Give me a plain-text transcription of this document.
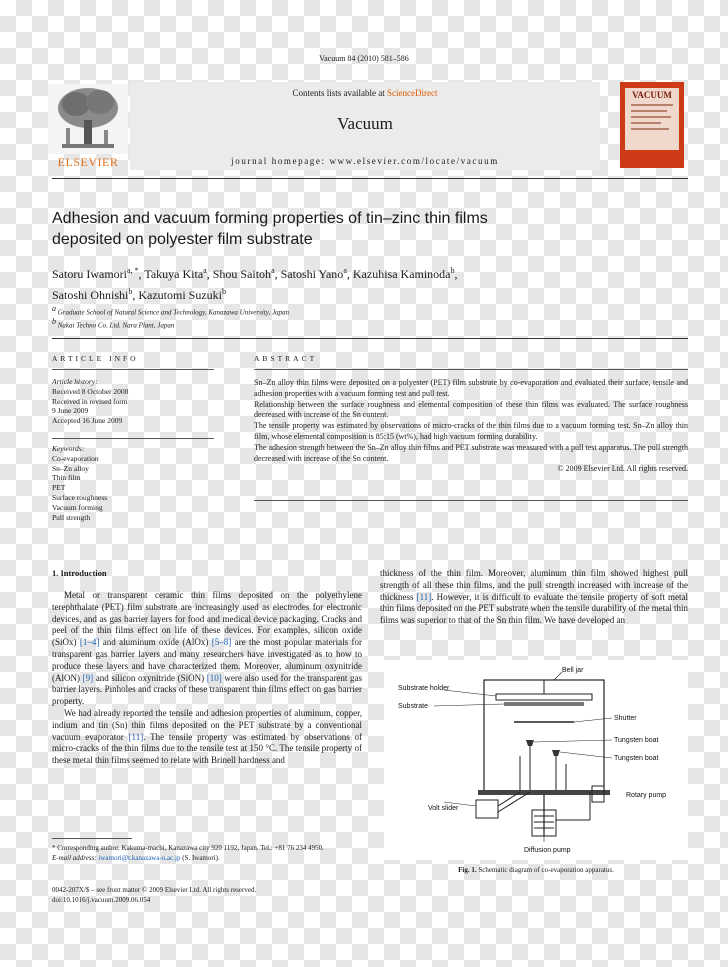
Vacuum 84 (2010) 581–586
Contents lists available at ScienceDirect
Vacuum
journal homepage: www.elsevier.com/locate/vacuum
ELSEVIER
VACUUM
Adhesion and vacuum forming properties of tin–zinc thin films
deposited on polyester film substrate
Satoru Iwamori$^{a, *}$, Takuya Kita$^a$, Shou Saitoh$^a$, Satoshi Yano$^a$, Kazuhisa Kaminoda$^b$,
Satoshi Ohnishi$^b$, Kazutomi Suzuki$^b$
$^a$ Graduate School of Natural Science and Technology, Kanazawa University, Japan
$^b$ Nakai Techno Co. Ltd. Nara Plant, Japan
ARTICLE INFO
Article history:
Received 8 October 2008
Received in revised form
9 June 2009
Accepted 16 June 2009
Keywords:
Co-evaporation
Sn–Zn alloy
Thin film
PET
Surface roughness
Vacuum forming
Pull strength
ABSTRACT

Sn–Zn alloy thin films were deposited on a polyester (PET) film substrate by co-evaporation and evaluated their surface, tensile and adhesion properties with a vacuum forming test and pull test.

Relationship between the surface roughness and elemental composition of these thin films was evaluated. The surface roughness decreased with increase of the Sn content.

The tensile property was estimated by observations of micro-cracks of the thin films due to a vacuum forming test. Sn–Zn alloy thin film, whose elemental composition is 85:15 (wt%), had high vacuum forming durability.

The adhesion strength between the Sn–Zn alloy thin films and PET substrate was measured with a pull test apparatus. The pull strength decreased with increase of the Sn content.

© 2009 Elsevier Ltd. All rights reserved.
1. Introduction

Metal or transparent ceramic thin films deposited on the polyethylene terephthalate (PET) film substrate are increasingly used as electrodes for electronic devices, and as gas barrier layers for food and medical device packaging. Cracks and peel of the thin films effect on life of these devices. For examples, silicon oxide (SiOx) [1–4] and aluminum oxide (AlOx) [5–8] are the most popular materials for transparent gas barrier layers and many researchers have investigated as to how to produce these layers and have characterized them. Moreover, aluminum oxynitride (AlON) [9] and silicon oxynitride (SiON) [10] were also used for the transparent gas barrier layers. Pinholes and cracks of these transparent thin films effect on gas barrier property.

We had already reported the tensile and adhesion properties of aluminum, copper, indium and tin (Sn) thin films deposited on the PET substrate by a conventional vacuum evaporator [11]. The tensile property was estimated by observations of micro-cracks of the thin films due to the tensile test at 150 °C. The tensile property of these metal thin films seemed to relate with Brinell hardness and

thickness of the thin film. Moreover, aluminum thin film showed highest pull strength of all these thin films, and the pull strength increased with increase of the thickness [11]. However, it is difficult to evaluate the tensile property of soft metal thin films deposited on the PET substrate when the tensile durability of the metal thin films was superior to that of the Sn thin film. We have developed an

Bell jar
Substrate holder
Substrate
Shutter
Tungsten boat
Tungsten boat
Rotary pump
Volt slider
Diffusion pump
Fig. 1. Schematic diagram of co-evaporation apparatus.
* Corresponding author. Kakuma-machi, Kanazawa city 920 1192, Japan. Tel.: +81 76 234 4950.
E-mail address: iwamori@t.kanazawa-u.ac.jp (S. Iwamori).
0042-207X/$ – see front matter © 2009 Elsevier Ltd. All rights reserved.
doi:10.1016/j.vacuum.2009.06.054
